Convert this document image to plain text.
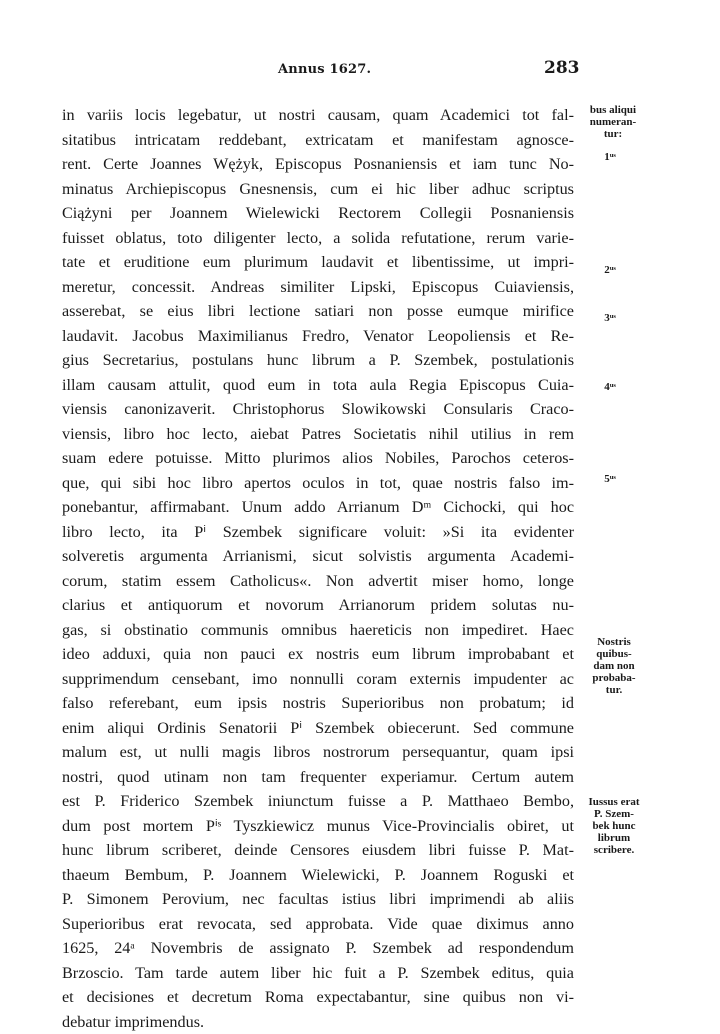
Annus 1627.	283
in variis locis legebatur, ut nostri causam, quam Academici tot fal-
sitatibus intricatam reddebant, extricatam et manifestam agnosce-
rent. Certe Joannes Wężyk, Episcopus Posnaniensis et iam tunc No-
minatus Archiepiscopus Gnesnensis, cum ei hic liber adhuc scriptus
Ciążyni per Joannem Wielewicki Rectorem Collegii Posnaniensis
fuisset oblatus, toto diligenter lecto, a solida refutatione, rerum varie-
tate et eruditione eum plurimum laudavit et libentissime, ut impri-
meretur, concessit. Andreas similiter Lipski, Episcopus Cuiaviensis,
asserebat, se eius libri lectione satiari non posse eumque mirifice
laudavit. Jacobus Maximilianus Fredro, Venator Leopoliensis et Re-
gius Secretarius, postulans hunc librum a P. Szembek, postulationis
illam causam attulit, quod eum in tota aula Regia Episcopus Cuia-
viensis canonizaverit. Christophorus Slowikowski Consularis Craco-
viensis, libro hoc lecto, aiebat Patres Societatis nihil utilius in rem
suam edere potuisse. Mitto plurimos alios Nobiles, Parochos ceteros-
que, qui sibi hoc libro apertos oculos in tot, quae nostris falso im-
ponebantur, affirmabant. Unum addo Arrianum Dᵐ Cichocki, qui hoc
libro lecto, ita Pⁱ Szembek significare voluit: »Si ita evidenter
solveretis argumenta Arrianismi, sicut solvistis argumenta Academi-
corum, statim essem Catholicus«. Non advertit miser homo, longe
clarius et antiquorum et novorum Arrianorum pridem solutas nu-
gas, si obstinatio communis omnibus haereticis non impediret. Haec
ideo adduxi, quia non pauci ex nostris eum librum improbabant et
supprimendum censebant, imo nonnulli coram externis impudenter ac
falso referebant, eum ipsis nostris Superioribus non probatum; id
enim aliqui Ordinis Senatorii Pⁱ Szembek obiecerunt. Sed commune
malum est, ut nulli magis libros nostrorum persequantur, quam ipsi
nostri, quod utinam non tam frequenter experiamur. Certum autem
est P. Friderico Szembek iniunctum fuisse a P. Matthaeo Bembo,
dum post mortem Pⁱˢ Tyszkiewicz munus Vice-Provincialis obiret, ut
hunc librum scriberet, deinde Censores eiusdem libri fuisse P. Mat-
thaeum Bembum, P. Joannem Wielewicki, P. Joannem Roguski et
P. Simonem Perovium, nec facultas istius libri imprimendi ab aliis
Superioribus erat revocata, sed approbata. Vide quae diximus anno
1625, 24ᵃ Novembris de assignato P. Szembek ad respondendum
Brzoscio. Tam tarde autem liber hic fuit a P. Szembek editus, quia
et decisiones et decretum Roma expectabantur, sine quibus non vi-
debatur imprimendus.
bus aliqui
numeran-
tur:
1ᵘˢ
2ᵘˢ
3ᵘˢ
4ᵘˢ
5ᵘˢ
Nostris
quibus-
dam non
probaba-
tur.
Iussus erat
P. Szem-
bek hunc
librum
scribere.
